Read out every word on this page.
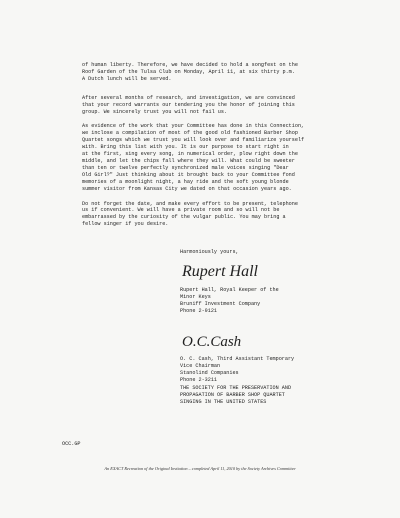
of human liberty. Therefore, we have decided to hold a songfest on the
Roof Garden of the Tulsa Club on Monday, April 11, at six thirty p.m.
A Dutch lunch will be served.

After several months of research, and investigation, we are convinced
that your record warrants our tendering you the honor of joining this
group. We sincerely trust you will not fail us.

As evidence of the work that your Committee has done in this Connection,
we inclose a compilation of most of the good old fashioned Barber Shop
Quartet songs which we trust you will look over and familiarize yourself
with. Bring this list with you. It is our purpose to start right in
at the first, sing every song, in numerical order, plow right down the
middle, and let the chips fall where they will. What could be sweeter
than ten or twelve perfectly synchronized male voices singing "Dear
Old Girl?" Just thinking about it brought back to your Committee fond
memories of a moonlight night, a hay ride and the soft young blonde
summer visitor from Kansas City we dated on that occasion years ago.

Do not forget the date, and make every effort to be present, telephone
us if convenient. We will have a private room and so will not be
embarrassed by the curiosity of the vulgar public. You may bring a
fellow singer if you desire.

Harmoniously yours,
Rupert Hall
Rupert Hall, Royal Keeper of the
Minor Keys
Bruniff Investment Company
Phone 2-9121
O.C.Cash
O. C. Cash, Third Assistant Temporary
Vice Chairman
Stanolind Companies
Phone 2-3211
THE SOCIETY FOR THE PRESERVATION AND
PROPAGATION OF BARBER SHOP QUARTET
SINGING IN THE UNITED STATES
OCC.GP
An EXACT Recreation of the Original Invitation – completed April 11, 2010 by the Society Archives Committee
